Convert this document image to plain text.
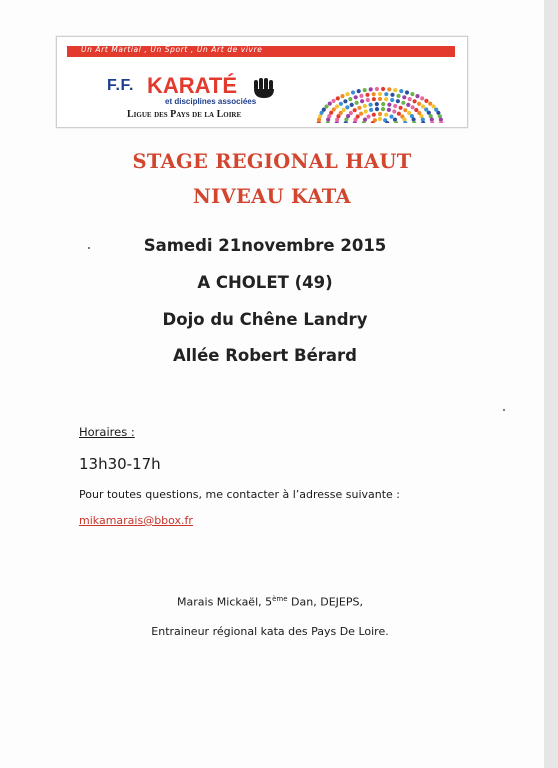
Un Art Martial , Un Sport , Un Art de vivre
F.F. KARATÉ
et disciplines associées
Ligue des Pays de la Loire
STAGE REGIONAL HAUT
NIVEAU KATA
Samedi 21novembre 2015
A CHOLET (49)
Dojo du Chêne Landry
Allée Robert Bérard
Horaires :
13h30-17h
Pour toutes questions, me contacter à l’adresse suivante :
mikamarais@bbox.fr
Marais Mickaël, 5ème Dan, DEJEPS,
Entraineur régional kata des Pays De Loire.
